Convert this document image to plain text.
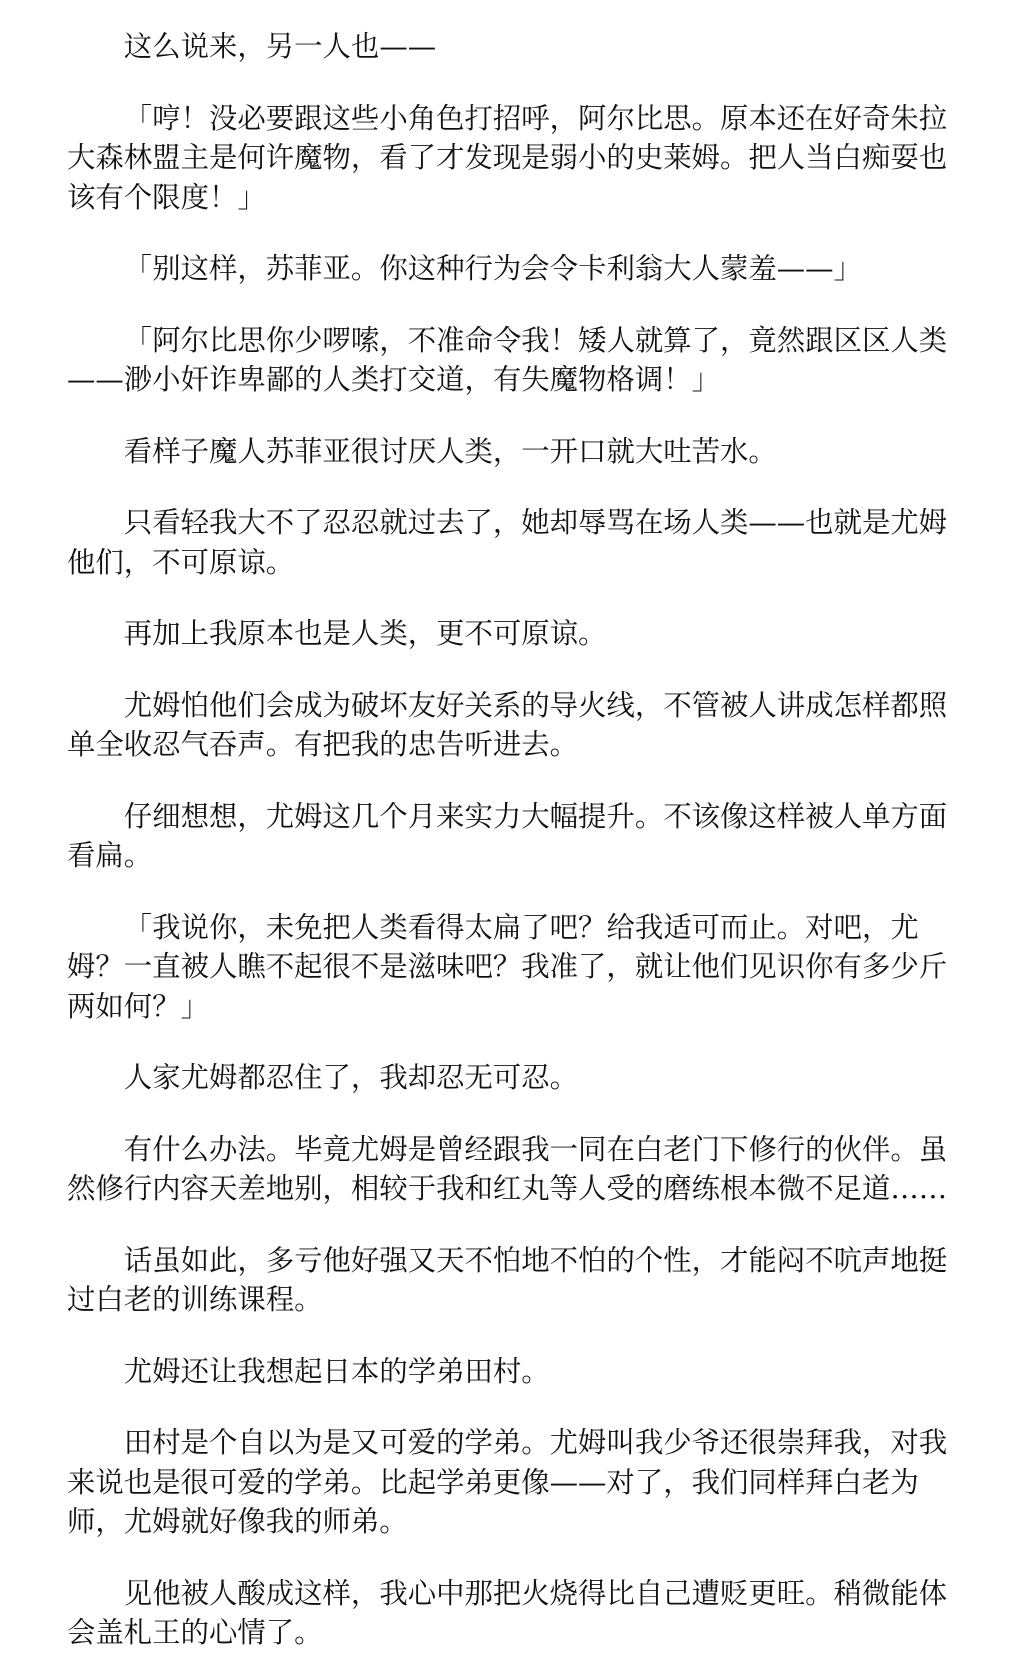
这么说来，另一人也——

「哼！没必要跟这些小角色打招呼，阿尔比思。原本还在好奇朱拉大森林盟主是何许魔物，看了才发现是弱小的史莱姆。把人当白痴耍也该有个限度！」

「别这样，苏菲亚。你这种行为会令卡利翁大人蒙羞——」

「阿尔比思你少啰嗦，不准命令我！矮人就算了，竟然跟区区人类——渺小奸诈卑鄙的人类打交道，有失魔物格调！」

看样子魔人苏菲亚很讨厌人类，一开口就大吐苦水。

只看轻我大不了忍忍就过去了，她却辱骂在场人类——也就是尤姆他们，不可原谅。

再加上我原本也是人类，更不可原谅。

尤姆怕他们会成为破坏友好关系的导火线，不管被人讲成怎样都照单全收忍气吞声。有把我的忠告听进去。

仔细想想，尤姆这几个月来实力大幅提升。不该像这样被人单方面看扁。

「我说你，未免把人类看得太扁了吧？给我适可而止。对吧，尤姆？一直被人瞧不起很不是滋味吧？我准了，就让他们见识你有多少斤两如何？」

人家尤姆都忍住了，我却忍无可忍。

有什么办法。毕竟尤姆是曾经跟我一同在白老门下修行的伙伴。虽然修行内容天差地别，相较于我和红丸等人受的磨练根本微不足道……

话虽如此，多亏他好强又天不怕地不怕的个性，才能闷不吭声地挺过白老的训练课程。

尤姆还让我想起日本的学弟田村。

田村是个自以为是又可爱的学弟。尤姆叫我少爷还很崇拜我，对我来说也是很可爱的学弟。比起学弟更像——对了，我们同样拜白老为师，尤姆就好像我的师弟。

见他被人酸成这样，我心中那把火烧得比自己遭贬更旺。稍微能体会盖札王的心情了。
